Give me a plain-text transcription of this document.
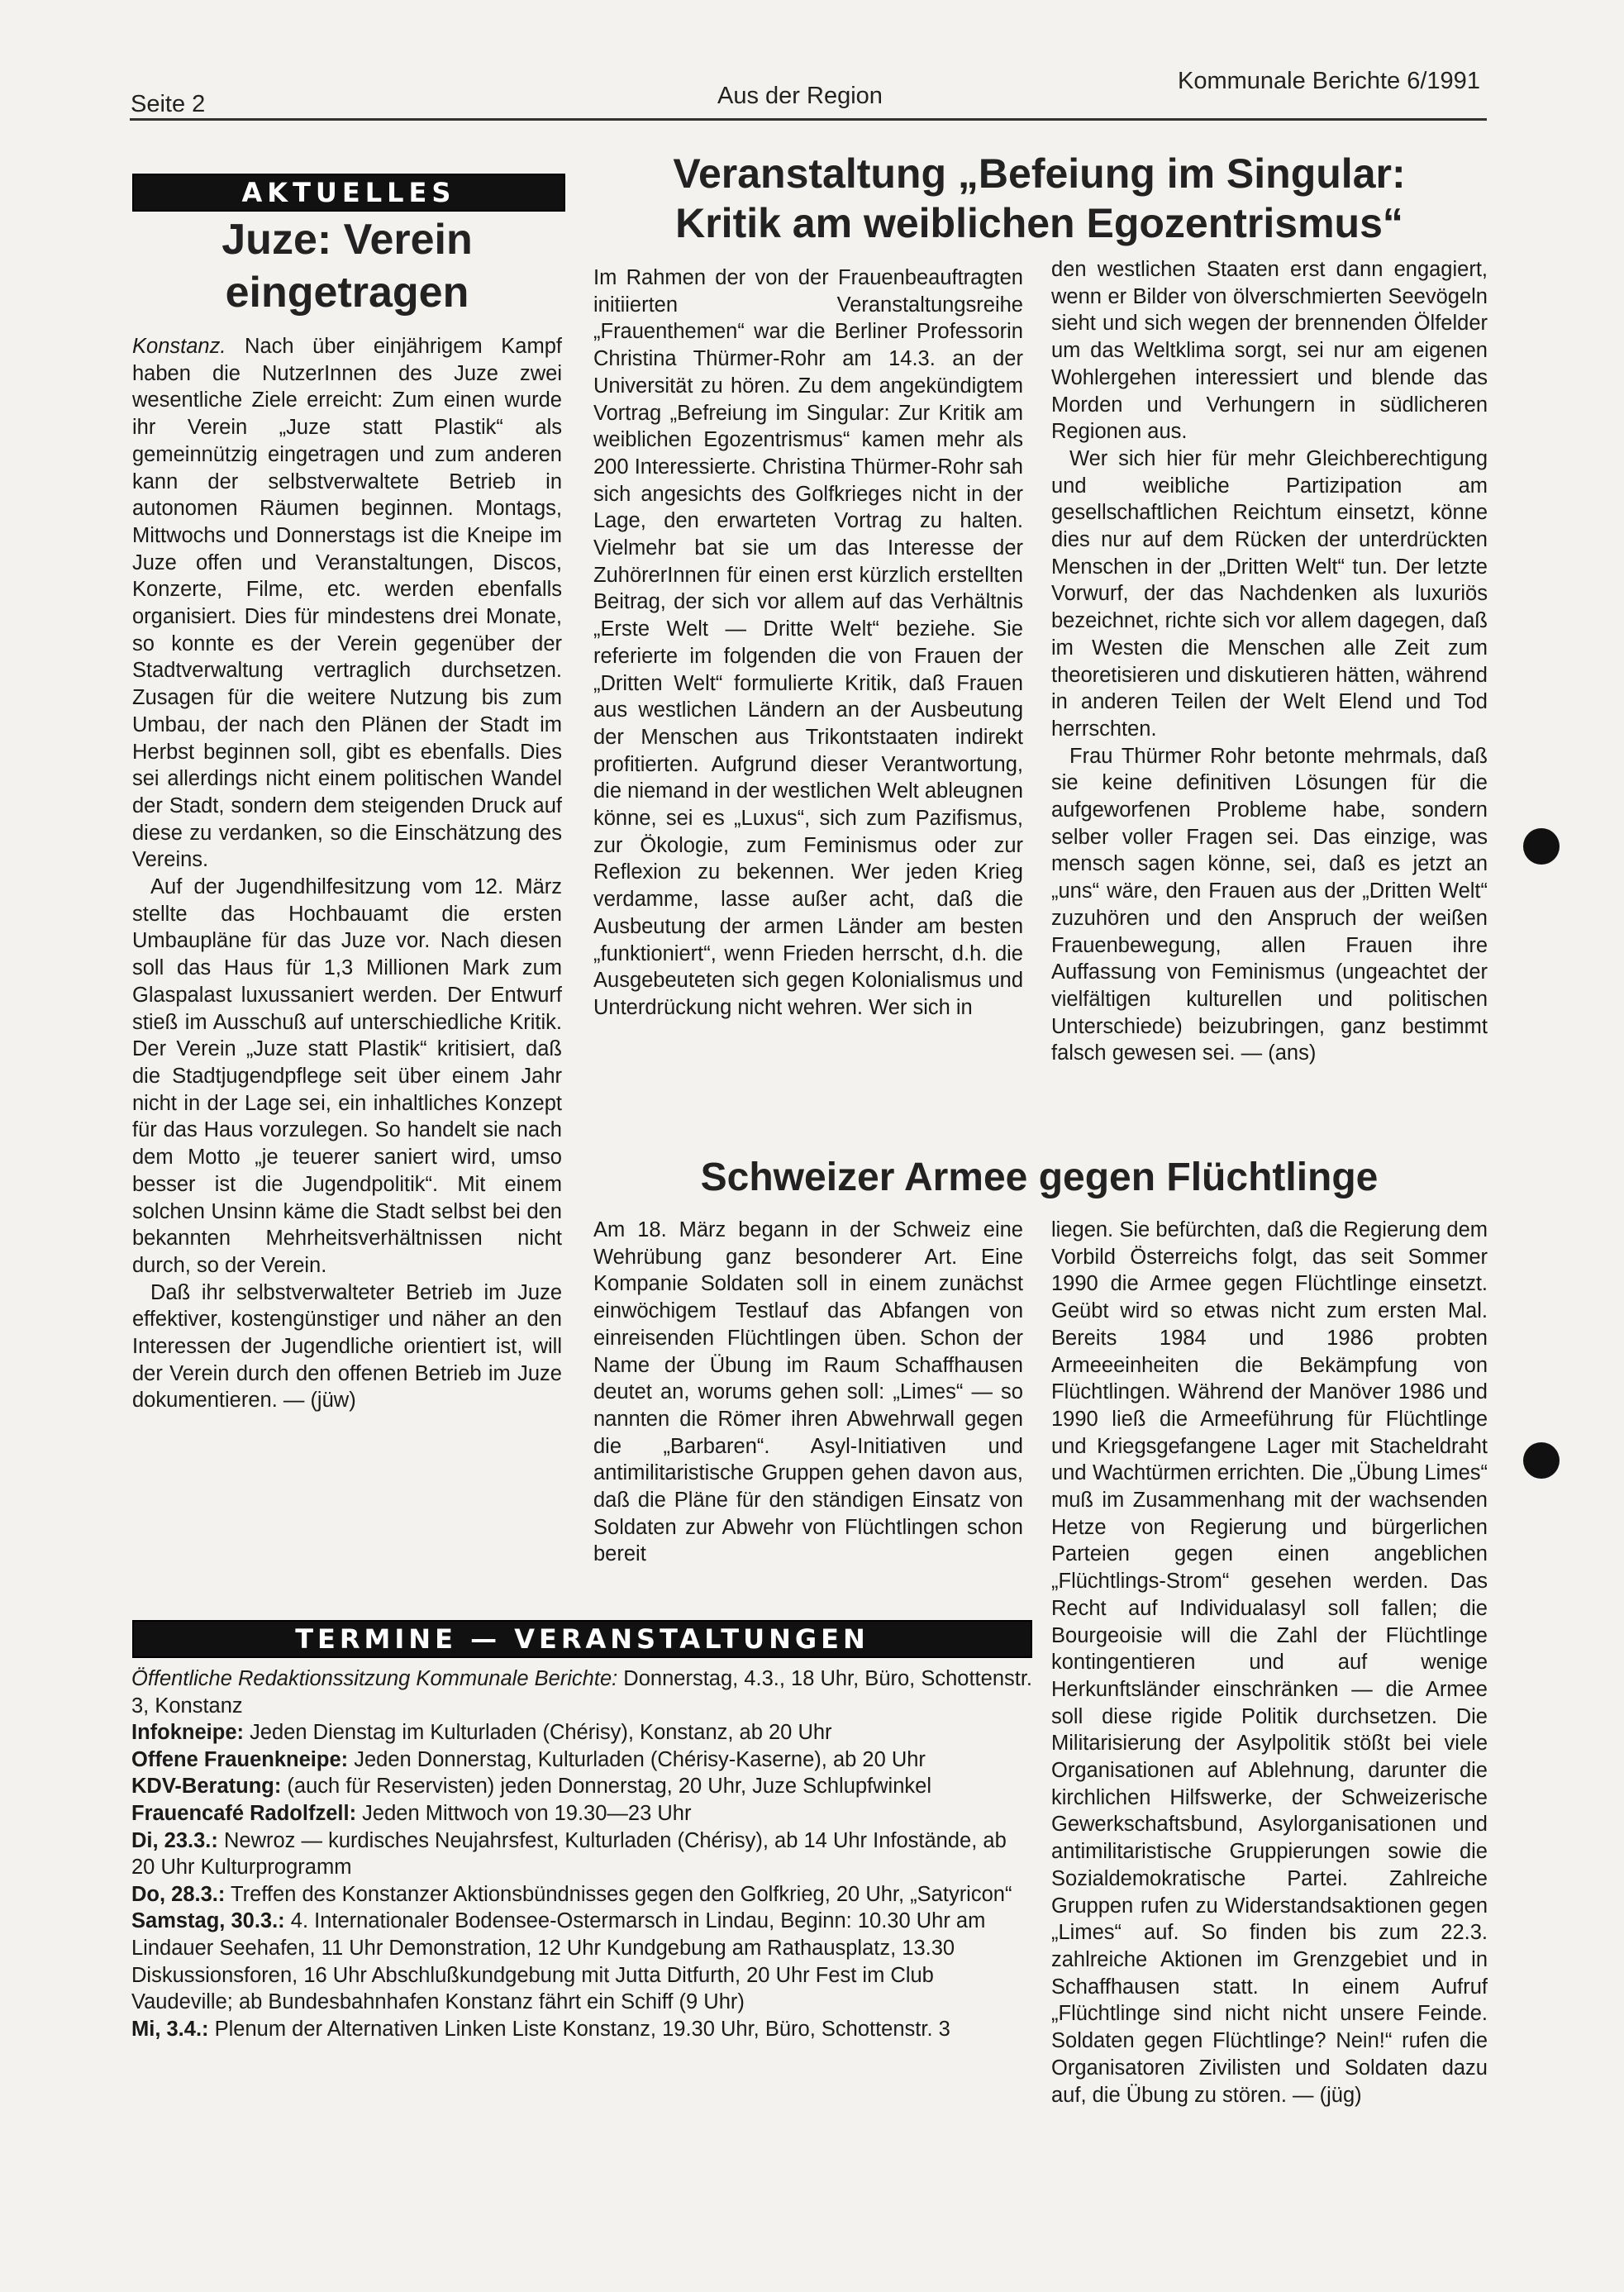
Seite 2	Aus der Region
Kommunale Berichte 6/1991
AKTUELLES
Juze: Verein
eingetragen

Konstanz. Nach über einjährigem Kampf haben die NutzerInnen des Juze zwei wesentliche Ziele erreicht: Zum einen wurde ihr Verein „Juze statt Plastik“ als gemeinnützig eingetragen und zum anderen kann der selbstverwaltete Betrieb in autonomen Räumen beginnen. Montags, Mittwochs und Donnerstags ist die Kneipe im Juze offen und Veranstaltungen, Discos, Konzerte, Filme, etc. werden ebenfalls organisiert. Dies für mindestens drei Monate, so konnte es der Verein gegenüber der Stadtverwaltung vertraglich durchsetzen. Zusagen für die weitere Nutzung bis zum Umbau, der nach den Plänen der Stadt im Herbst beginnen soll, gibt es ebenfalls. Dies sei allerdings nicht einem politischen Wandel der Stadt, sondern dem steigenden Druck auf diese zu verdanken, so die Einschätzung des Vereins.

Auf der Jugendhilfesitzung vom 12. März stellte das Hochbauamt die ersten Umbaupläne für das Juze vor. Nach diesen soll das Haus für 1,3 Millionen Mark zum Glaspalast luxussaniert werden. Der Entwurf stieß im Ausschuß auf unterschiedliche Kritik. Der Verein „Juze statt Plastik“ kritisiert, daß die Stadtjugendpflege seit über einem Jahr nicht in der Lage sei, ein inhaltliches Konzept für das Haus vorzulegen. So handelt sie nach dem Motto „je teuerer saniert wird, umso besser ist die Jugendpolitik“. Mit einem solchen Unsinn käme die Stadt selbst bei den bekannten Mehrheitsverhältnissen nicht durch, so der Verein.

Daß ihr selbstverwalteter Betrieb im Juze effektiver, kostengünstiger und näher an den Interessen der Jugendliche orientiert ist, will der Verein durch den offenen Betrieb im Juze dokumentieren. — (jüw)

Veranstaltung „Befeiung im Singular:
Kritik am weiblichen Egozentrismus“

Im Rahmen der von der Frauenbeauftragten initiierten Veranstaltungsreihe „Frauenthemen“ war die Berliner Professorin Christina Thürmer-Rohr am 14.3. an der Universität zu hören. Zu dem angekündigtem Vortrag „Befreiung im Singular: Zur Kritik am weiblichen Egozentrismus“ kamen mehr als 200 Interessierte. Christina Thürmer-Rohr sah sich angesichts des Golfkrieges nicht in der Lage, den erwarteten Vortrag zu halten. Vielmehr bat sie um das Interesse der ZuhörerInnen für einen erst kürzlich erstellten Beitrag, der sich vor allem auf das Verhältnis „Erste Welt — Dritte Welt“ beziehe. Sie referierte im folgenden die von Frauen der „Dritten Welt“ formulierte Kritik, daß Frauen aus westlichen Ländern an der Ausbeutung der Menschen aus Trikontstaaten indirekt profitierten. Aufgrund dieser Verantwortung, die niemand in der westlichen Welt ableugnen könne, sei es „Luxus“, sich zum Pazifismus, zur Ökologie, zum Feminismus oder zur Reflexion zu bekennen. Wer jeden Krieg verdamme, lasse außer acht, daß die Ausbeutung der armen Länder am besten „funktioniert“, wenn Frieden herrscht, d.h. die Ausgebeuteten sich gegen Kolonialismus und Unterdrückung nicht wehren. Wer sich in

den westlichen Staaten erst dann engagiert, wenn er Bilder von ölverschmierten Seevögeln sieht und sich wegen der brennenden Ölfelder um das Weltklima sorgt, sei nur am eigenen Wohlergehen interessiert und blende das Morden und Verhungern in südlicheren Regionen aus.

Wer sich hier für mehr Gleichberechtigung und weibliche Partizipation am gesellschaftlichen Reichtum einsetzt, könne dies nur auf dem Rücken der unterdrückten Menschen in der „Dritten Welt“ tun. Der letzte Vorwurf, der das Nachdenken als luxuriös bezeichnet, richte sich vor allem dagegen, daß im Westen die Menschen alle Zeit zum theoretisieren und diskutieren hätten, während in anderen Teilen der Welt Elend und Tod herrschten.

Frau Thürmer Rohr betonte mehrmals, daß sie keine definitiven Lösungen für die aufgeworfenen Probleme habe, sondern selber voller Fragen sei. Das einzige, was mensch sagen könne, sei, daß es jetzt an „uns“ wäre, den Frauen aus der „Dritten Welt“ zuzuhören und den Anspruch der weißen Frauenbewegung, allen Frauen ihre Auffassung von Feminismus (ungeachtet der vielfältigen kulturellen und politischen Unterschiede) beizubringen, ganz bestimmt falsch gewesen sei. — (ans)

Schweizer Armee gegen Flüchtlinge

Am 18. März begann in der Schweiz eine Wehrübung ganz besonderer Art. Eine Kompanie Soldaten soll in einem zunächst einwöchigem Testlauf das Abfangen von einreisenden Flüchtlingen üben. Schon der Name der Übung im Raum Schaffhausen deutet an, worums gehen soll: „Limes“ — so nannten die Römer ihren Abwehrwall gegen die „Barbaren“. Asyl-Initiativen und antimilitaristische Gruppen gehen davon aus, daß die Pläne für den ständigen Einsatz von Soldaten zur Abwehr von Flüchtlingen schon bereit

liegen. Sie befürchten, daß die Regierung dem Vorbild Österreichs folgt, das seit Sommer 1990 die Armee gegen Flüchtlinge einsetzt. Geübt wird so etwas nicht zum ersten Mal. Bereits 1984 und 1986 probten Armeeeinheiten die Bekämpfung von Flüchtlingen. Während der Manöver 1986 und 1990 ließ die Armeeführung für Flüchtlinge und Kriegsgefangene Lager mit Stacheldraht und Wachtürmen errichten. Die „Übung Limes“ muß im Zusammenhang mit der wachsenden Hetze von Regierung und bürgerlichen Parteien gegen einen angeblichen „Flüchtlings-Strom“ gesehen werden. Das Recht auf Individualasyl soll fallen; die Bourgeoisie will die Zahl der Flüchtlinge kontingentieren und auf wenige Herkunftsländer einschränken — die Armee soll diese rigide Politik durchsetzen. Die Militarisierung der Asylpolitik stößt bei viele Organisationen auf Ablehnung, darunter die kirchlichen Hilfswerke, der Schweizerische Gewerkschaftsbund, Asylorganisationen und antimilitaristische Gruppierungen sowie die Sozialdemokratische Partei. Zahlreiche Gruppen rufen zu Widerstandsaktionen gegen „Limes“ auf. So finden bis zum 22.3. zahlreiche Aktionen im Grenzgebiet und in Schaffhausen statt. In einem Aufruf „Flüchtlinge sind nicht nicht unsere Feinde. Soldaten gegen Flüchtlinge? Nein!“ rufen die Organisatoren Zivilisten und Soldaten dazu auf, die Übung zu stören. — (jüg)

TERMINE — VERANSTALTUNGEN
Öffentliche Redaktionssitzung Kommunale Berichte: Donnerstag, 4.3., 18 Uhr, Büro, Schottenstr. 3, Konstanz
Infokneipe: Jeden Dienstag im Kulturladen (Chérisy), Konstanz, ab 20 Uhr
Offene Frauenkneipe: Jeden Donnerstag, Kulturladen (Chérisy-Kaserne), ab 20 Uhr
KDV-Beratung: (auch für Reservisten) jeden Donnerstag, 20 Uhr, Juze Schlupfwinkel
Frauencafé Radolfzell: Jeden Mittwoch von 19.30—23 Uhr
Di, 23.3.: Newroz — kurdisches Neujahrsfest, Kulturladen (Chérisy), ab 14 Uhr Infostände, ab 20 Uhr Kulturprogramm
Do, 28.3.: Treffen des Konstanzer Aktionsbündnisses gegen den Golfkrieg, 20 Uhr, „Satyricon“
Samstag, 30.3.: 4. Internationaler Bodensee-Ostermarsch in Lindau, Beginn: 10.30 Uhr am Lindauer Seehafen, 11 Uhr Demonstration, 12 Uhr Kundgebung am Rathausplatz, 13.30 Diskussionsforen, 16 Uhr Abschlußkundgebung mit Jutta Ditfurth, 20 Uhr Fest im Club Vaudeville; ab Bundesbahnhafen Konstanz fährt ein Schiff (9 Uhr)
Mi, 3.4.: Plenum der Alternativen Linken Liste Konstanz, 19.30 Uhr, Büro, Schottenstr. 3
